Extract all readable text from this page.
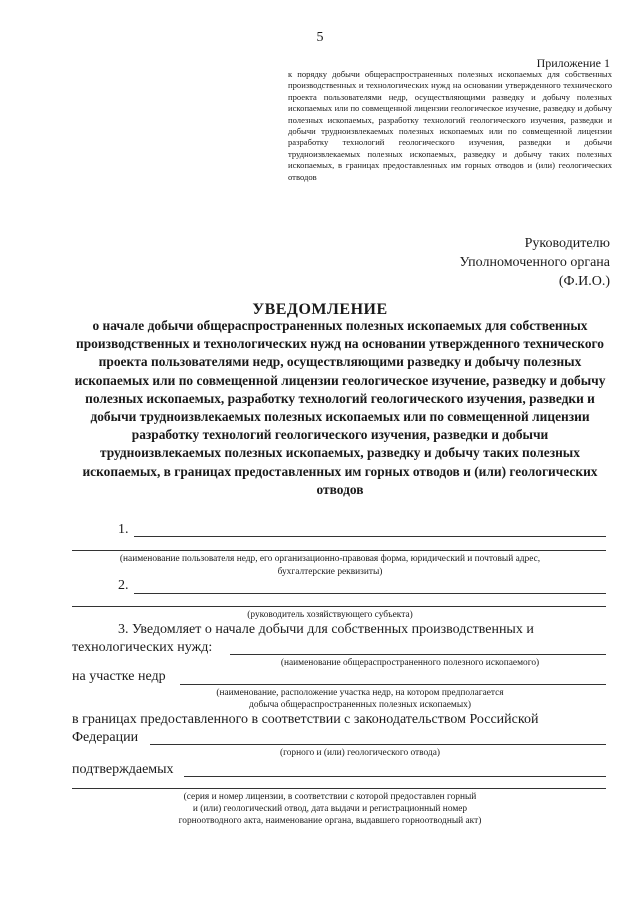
5
Приложение 1
к порядку добычи общераспространенных полезных ископаемых для собственных производственных и технологических нужд на основании утвержденного технического проекта пользователями недр, осуществляющими разведку и добычу полезных ископаемых или по совмещенной лицензии геологическое изучение, разведку и добычу полезных ископаемых, разработку технологий геологического изучения, разведки и добычи трудноизвлекаемых полезных ископаемых или по совмещенной лицензии разработку технологий геологического изучения, разведки и добычи трудноизвлекаемых полезных ископаемых, разведку и добычу таких полезных ископаемых, в границах предоставленных им горных отводов и (или) геологических отводов
Руководителю
Уполномоченного органа
(Ф.И.О.)
УВЕДОМЛЕНИЕ
о начале добычи общераспространенных полезных ископаемых для собственных производственных и технологических нужд на основании утвержденного технического проекта пользователями недр, осуществляющими разведку и добычу полезных ископаемых или по совмещенной лицензии геологическое изучение, разведку и добычу полезных ископаемых, разработку технологий геологического изучения, разведки и добычи трудноизвлекаемых полезных ископаемых или по совмещенной лицензии разработку технологий геологического изучения, разведки и добычи трудноизвлекаемых полезных ископаемых, разведку и добычу таких полезных ископаемых, в границах предоставленных им горных отводов и (или) геологических отводов
1.
(наименование пользователя недр, его организационно-правовая форма, юридический и почтовый адрес,
бухгалтерские реквизиты)
2.
(руководитель хозяйствующего субъекта)
3. Уведомляет о начале добычи для собственных производственных и
технологических нужд:
(наименование общераспространенного полезного ископаемого)
на участке недр
(наименование, расположение участка недр, на котором предполагается
добыча общераспространенных полезных ископаемых)
в границах предоставленного в соответствии с законодательством Российской
Федерации
(горного и (или) геологического отвода)
подтверждаемых
(серия и номер лицензии, в соответствии с которой предоставлен горный
и (или) геологический отвод, дата выдачи и регистрационный номер
горноотводного акта, наименование органа, выдавшего горноотводный акт)
